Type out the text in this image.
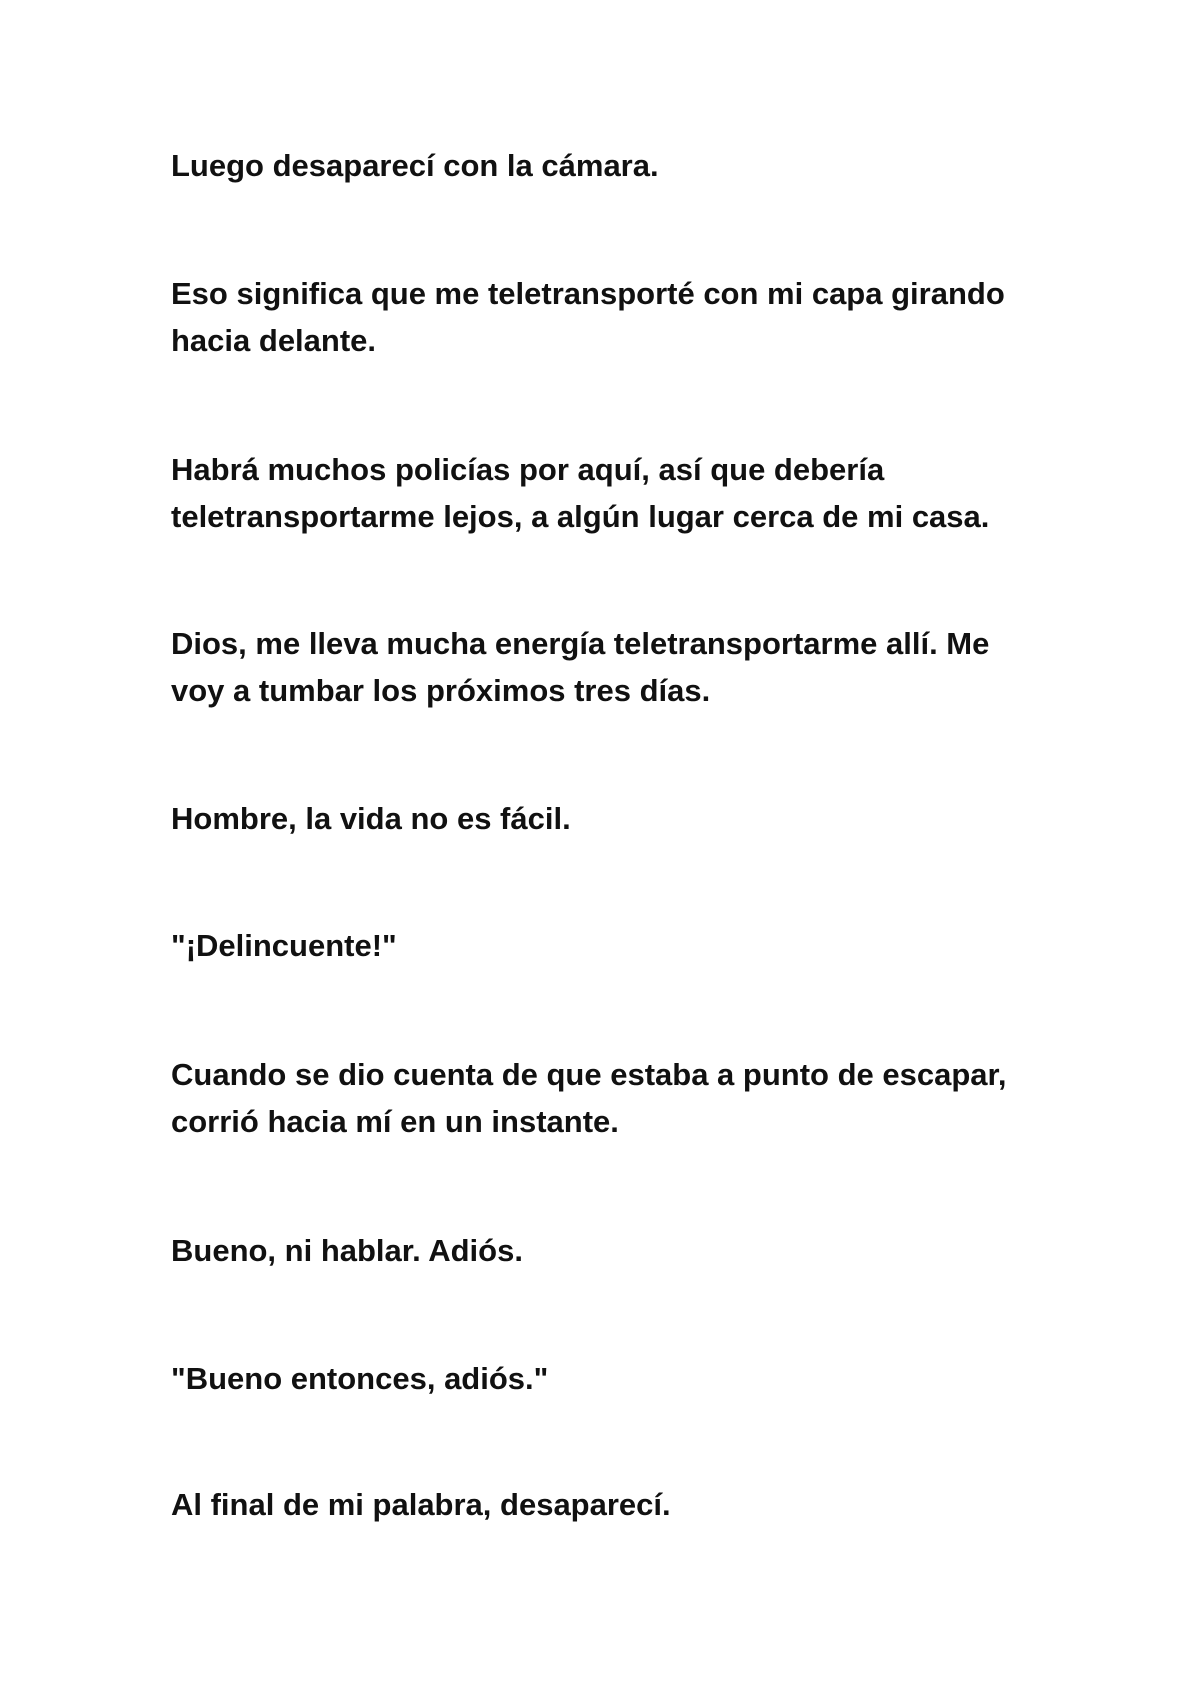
Luego desaparecí con la cámara.

Eso significa que me teletransporté con mi capa girando
hacia delante.

Habrá muchos policías por aquí, así que debería
teletransportarme lejos, a algún lugar cerca de mi casa.

Dios, me lleva mucha energía teletransportarme allí. Me
voy a tumbar los próximos tres días.

Hombre, la vida no es fácil.

"¡Delincuente!"

Cuando se dio cuenta de que estaba a punto de escapar,
corrió hacia mí en un instante.

Bueno, ni hablar. Adiós.

"Bueno entonces, adiós."

Al final de mi palabra, desaparecí.
